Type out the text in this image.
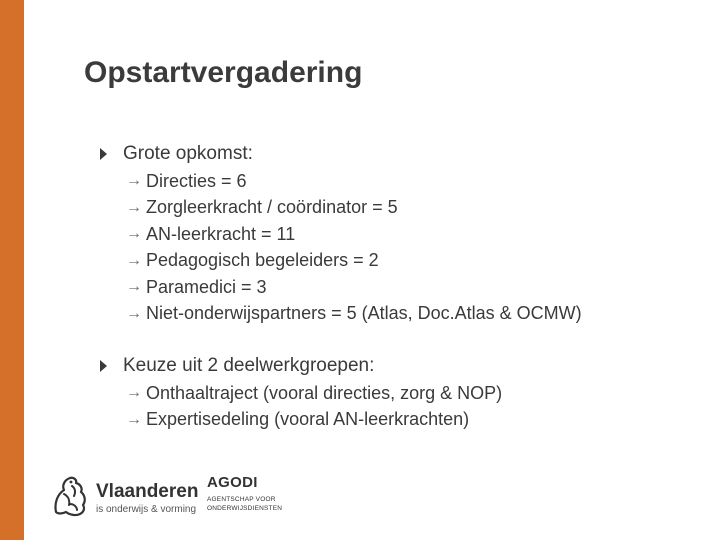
Opstartvergadering
Grote opkomst:
→ Directies = 6
→ Zorgleerkracht / coördinator = 5
→ AN-leerkracht = 11
→ Pedagogisch begeleiders = 2
→ Paramedici = 3
→ Niet-onderwijspartners = 5 (Atlas, Doc.Atlas & OCMW)
Keuze uit 2 deelwerkgroepen:
→ Onthaaltraject (vooral directies, zorg & NOP)
→ Expertisedeling (vooral AN-leerkrachten)
Vlaanderen
is onderwijs & vorming
AGODI
AGENTSCHAP VOOR
ONDERWIJSDIENSTEN
